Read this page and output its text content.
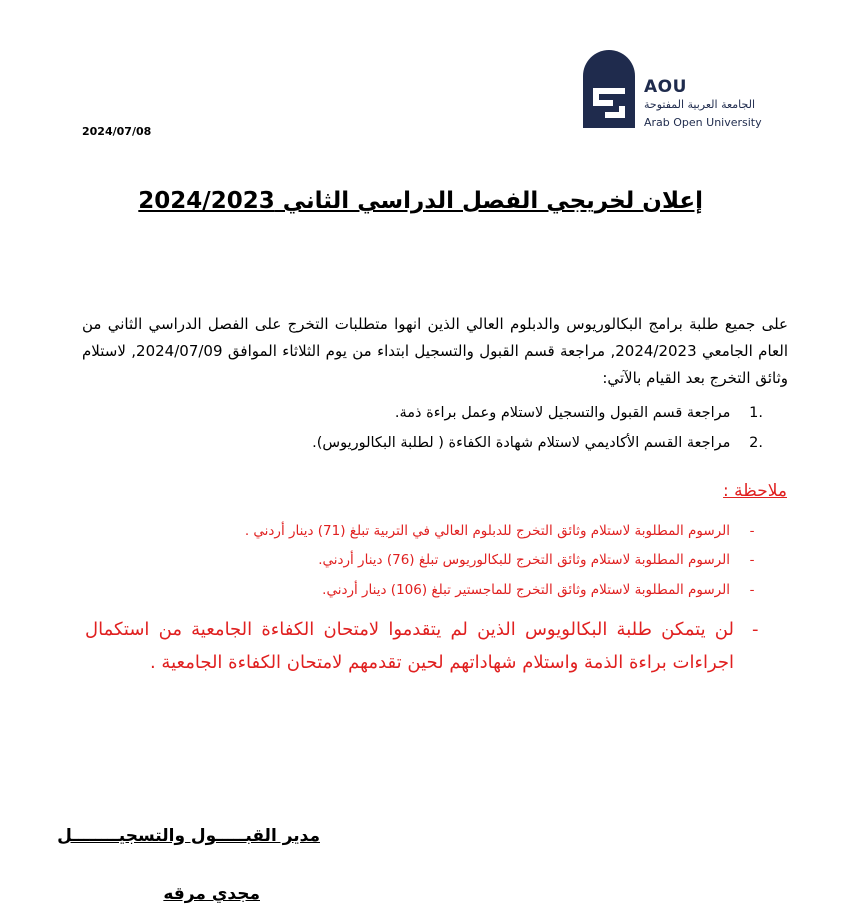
AOU
الجامعة العربية المفتوحة
Arab Open University
2024/07/08
إعلان لخريجي الفصل الدراسي الثاني 2024/2023
على جميع طلبة برامج البكالوريوس والدبلوم العالي الذين انهوا متطلبات التخرج على الفصل الدراسي الثاني من العام الجامعي 2024/2023, مراجعة قسم القبول والتسجيل ابتداء من يوم الثلاثاء الموافق 2024/07/09, لاستلام وثائق التخرج بعد القيام بالآتي:
.1 مراجعة قسم القبول والتسجيل لاستلام وعمل براءة ذمة.
.2 مراجعة القسم الأكاديمي لاستلام شهادة الكفاءة ( لطلبة البكالوريوس).
ملاحظة :
-
الرسوم المطلوبة لاستلام وثائق التخرج للدبلوم العالي في التربية تبلغ (71) دينار أردني .
-
الرسوم المطلوبة لاستلام وثائق التخرج للبكالوريوس تبلغ (76) دينار أردني.
-
الرسوم المطلوبة لاستلام وثائق التخرج للماجستير تبلغ (106) دينار أردني.
-
لن يتمكن طلبة البكالويوس الذين لم يتقدموا لامتحان الكفاءة الجامعية من استكمال اجراءات براءة الذمة واستلام شهاداتهم لحين تقدمهم لامتحان الكفاءة الجامعية .
مدير القبـــــول والتسجيــــــــل
مجدي مرقه
